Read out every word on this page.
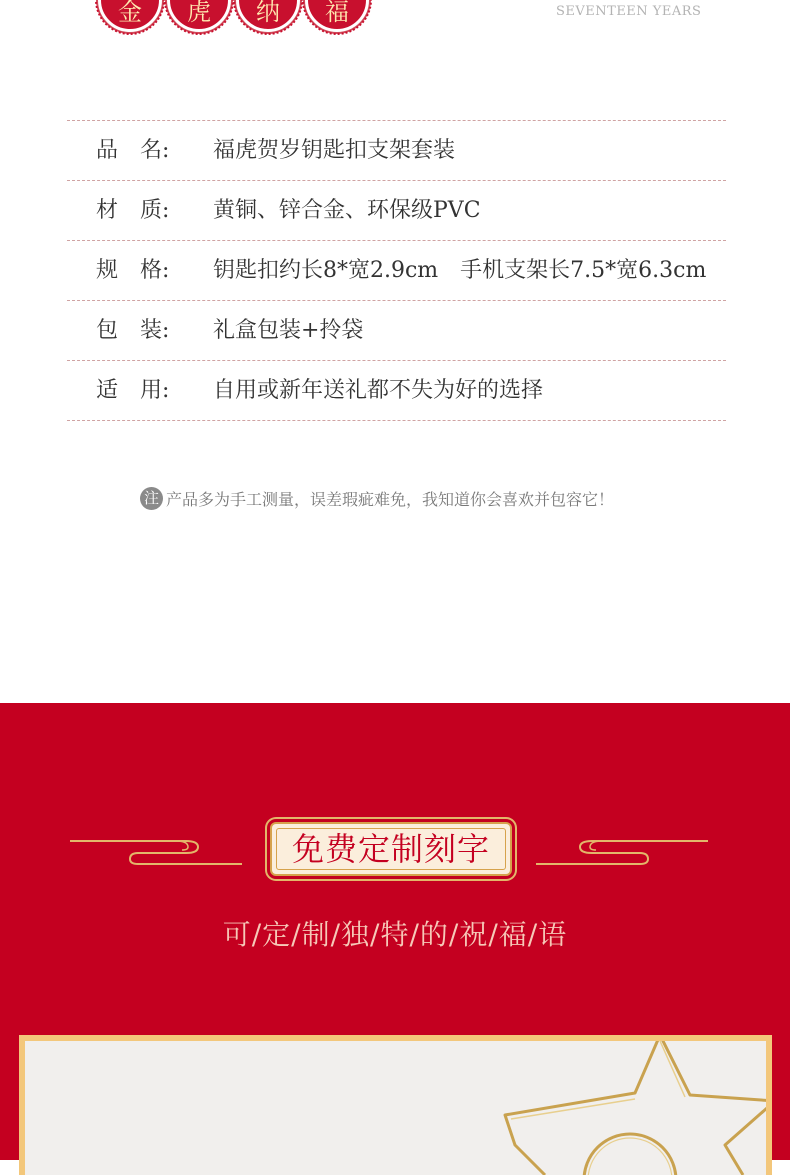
金	虎	纳	福	SEVENTEEN YEARS
品　名: 福虎贺岁钥匙扣支架套装
材　质: 黄铜、锌合金、环保级PVC
规　格: 钥匙扣约长8*宽2.9cm　手机支架长7.5*宽6.3cm
包　装: 礼盒包装+拎袋
适　用: 自用或新年送礼都不失为好的选择
注 产品多为手工测量，误差瑕疵难免，我知道你会喜欢并包容它！
免费定制刻字
可/定/制/独/特/的/祝/福/语
